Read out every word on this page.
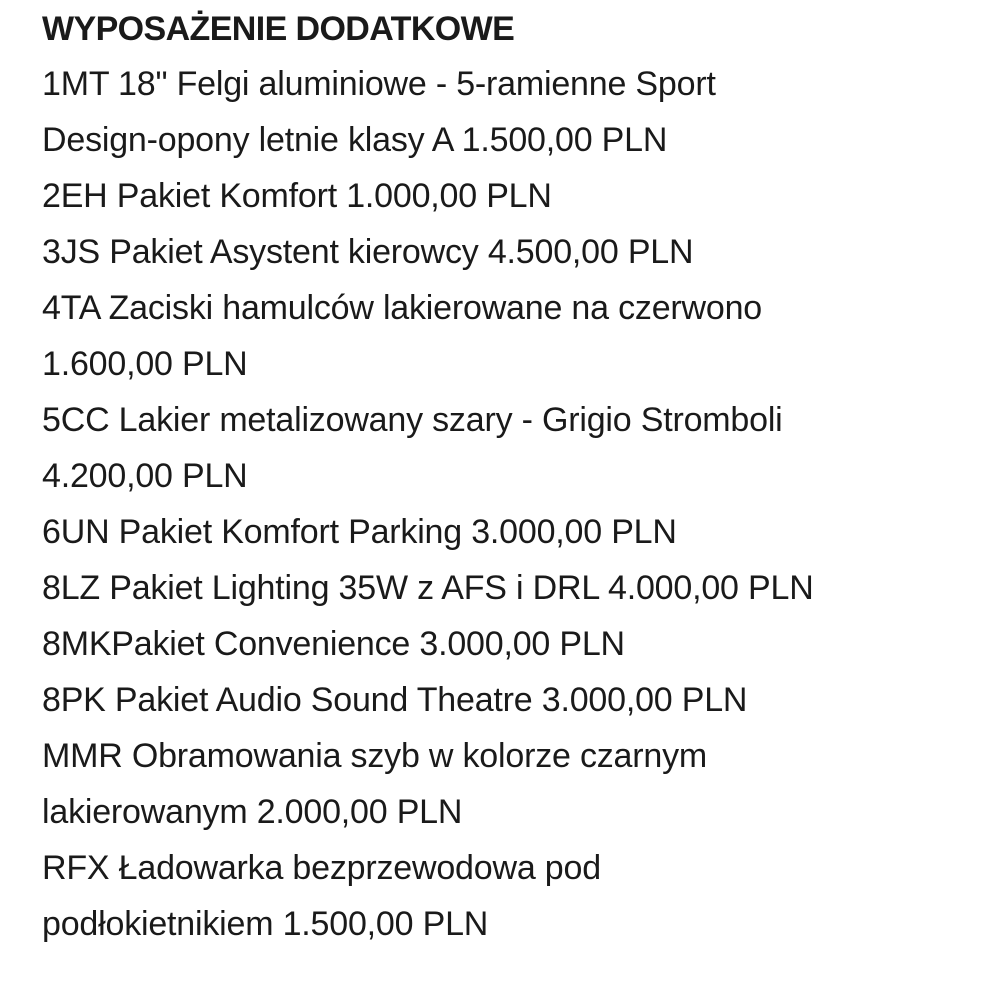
WYPOSAŻENIE DODATKOWE
1MT 18" Felgi aluminiowe - 5-ramienne Sport
Design-opony letnie klasy A 1.500,00 PLN
2EH Pakiet Komfort 1.000,00 PLN
3JS Pakiet Asystent kierowcy 4.500,00 PLN
4TA Zaciski hamulców lakierowane na czerwono
1.600,00 PLN
5CC Lakier metalizowany szary - Grigio Stromboli
4.200,00 PLN
6UN Pakiet Komfort Parking 3.000,00 PLN
8LZ Pakiet Lighting 35W z AFS i DRL 4.000,00 PLN
8MKPakiet Convenience 3.000,00 PLN
8PK Pakiet Audio Sound Theatre 3.000,00 PLN
MMR Obramowania szyb w kolorze czarnym
lakierowanym 2.000,00 PLN
RFX Ładowarka bezprzewodowa pod
podłokietnikiem 1.500,00 PLN
